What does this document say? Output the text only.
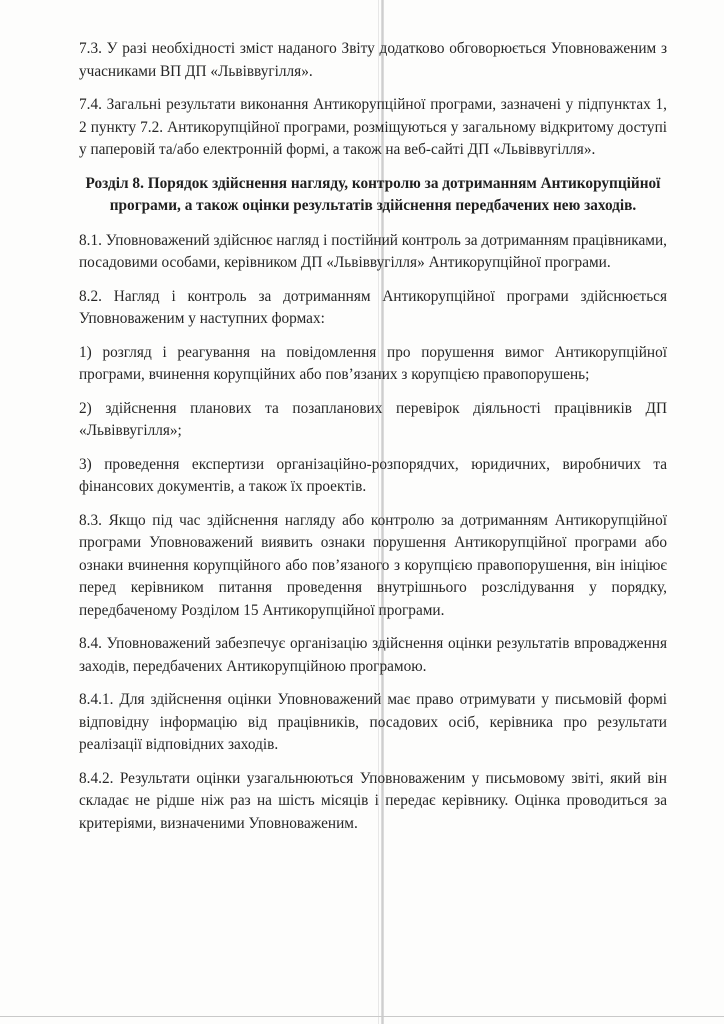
7.3. У разі необхідності зміст наданого Звіту додатково обговорюється Уповноваженим з учасниками ВП ДП «Львіввугілля».

7.4. Загальні результати виконання Антикорупційної програми, зазначені у підпунктах 1, 2 пункту 7.2. Антикорупційної програми, розміщуються у загальному відкритому доступі у паперовій та/або електронній формі, а також на веб-сайті ДП «Львіввугілля».

Розділ 8. Порядок здійснення нагляду, контролю за дотриманням Антикорупційної програми, а також оцінки результатів здійснення передбачених нею заходів.

8.1. Уповноважений здійснює нагляд і постійний контроль за дотриманням працівниками, посадовими особами, керівником ДП «Львіввугілля» Антикорупційної програми.

8.2. Нагляд і контроль за дотриманням Антикорупційної програми здійснюється Уповноваженим у наступних формах:

1) розгляд і реагування на повідомлення про порушення вимог Антикорупційної програми, вчинення корупційних або пов’язаних з корупцією правопорушень;

2) здійснення планових та позапланових перевірок діяльності працівників ДП «Львіввугілля»;

3) проведення експертизи організаційно-розпорядчих, юридичних, виробничих та фінансових документів, а також їх проектів.

8.3. Якщо під час здійснення нагляду або контролю за дотриманням Антикорупційної програми Уповноважений виявить ознаки порушення Антикорупційної програми або ознаки вчинення корупційного або пов’язаного з корупцією правопорушення, він ініціює перед керівником питання проведення внутрішнього розслідування у порядку, передбаченому Розділом 15 Антикорупційної програми.

8.4. Уповноважений забезпечує організацію здійснення оцінки результатів впровадження заходів, передбачених Антикорупційною програмою.

8.4.1. Для здійснення оцінки Уповноважений має право отримувати у письмовій формі відповідну інформацію від працівників, посадових осіб, керівника про результати реалізації відповідних заходів.

8.4.2. Результати оцінки узагальнюються Уповноваженим у письмовому звіті, який він складає не рідше ніж раз на шість місяців і передає керівнику. Оцінка проводиться за критеріями, визначеними Уповноваженим.
